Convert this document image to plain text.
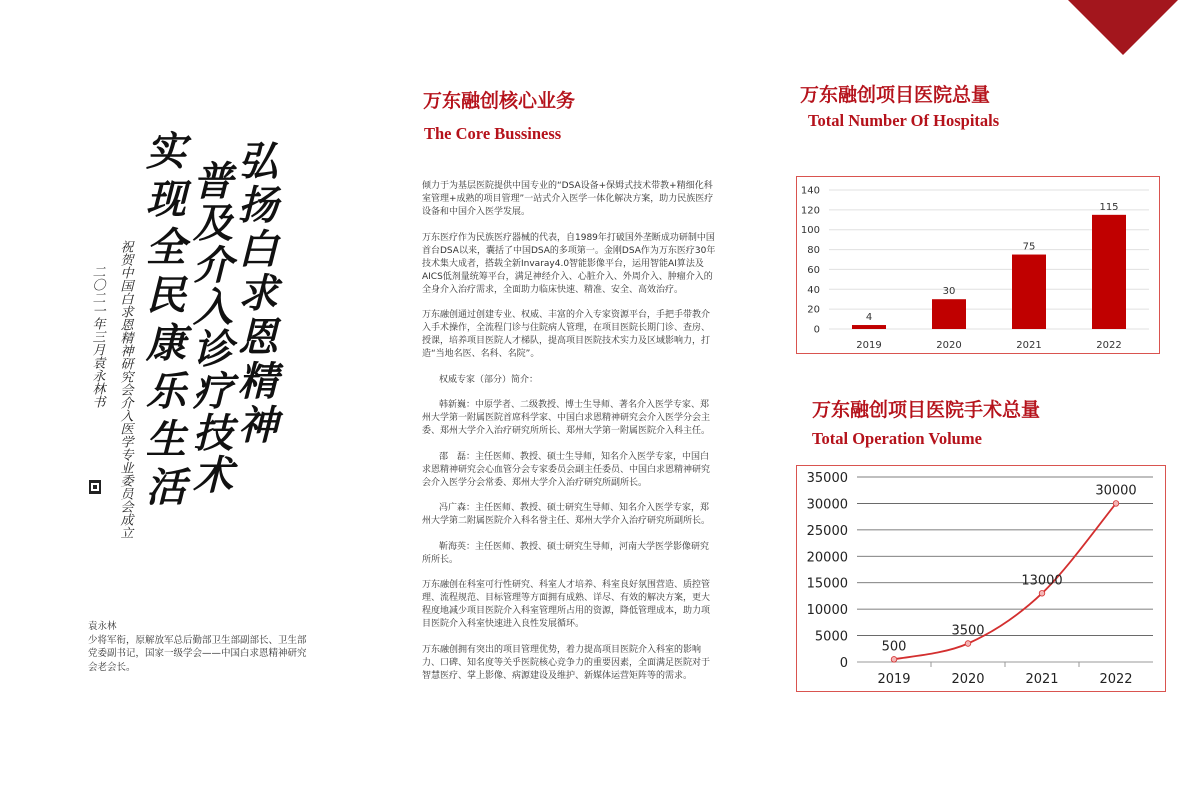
弘扬白求恩精神
普及介入诊疗技术
实现全民康乐生活
祝贺中国白求恩精神研究会介入医学专业委员会成立
二〇二一年三月袁永林书
袁永林
少将军衔，原解放军总后勤部卫生部副部长、卫生部党委副书记，国家一级学会——中国白求恩精神研究会老会长。
万东融创核心业务
The Core Bussiness

倾力于为基层医院提供中国专业的“DSA设备+保姆式技术带教+精细化科室管理+成熟的项目管理”一站式介入医学一体化解决方案，助力民族医疗设备和中国介入医学发展。

万东医疗作为民族医疗器械的代表，自1989年打破国外垄断成功研制中国首台DSA以来，囊括了中国DSA的多项第一。金刚DSA作为万东医疗30年技术集大成者，搭载全新Invaray4.0智能影像平台，运用智能AI算法及AICS低剂量统筹平台，满足神经介入、心脏介入、外周介入、肿瘤介入的全身介入治疗需求，全面助力临床快速、精准、安全、高效治疗。

万东融创通过创建专业、权威、丰富的介入专家资源平台，手把手带教介入手术操作，全流程门诊与住院病人管理，在项目医院长期门诊、查房、授课，培养项目医院人才梯队，提高项目医院技术实力及区域影响力，打造“当地名医、名科、名院”。

权威专家（部分）简介：

韩新巍：中原学者、二级教授、博士生导师、著名介入医学专家、郑州大学第一附属医院首席科学家、中国白求恩精神研究会介入医学分会主委、郑州大学介入治疗研究所所长、郑州大学第一附属医院介入科主任。

邵　磊：主任医师、教授、硕士生导师，知名介入医学专家，中国白求恩精神研究会心血管分会专家委员会副主任委员、中国白求恩精神研究会介入医学分会常委、郑州大学介入治疗研究所副所长。

冯广森：主任医师、教授、硕士研究生导师、知名介入医学专家，郑州大学第二附属医院介入科名誉主任、郑州大学介入治疗研究所副所长。

靳海英：主任医师、教授、硕士研究生导师，河南大学医学影像研究所所长。

万东融创在科室可行性研究、科室人才培养、科室良好氛围营造、质控管理、流程规范、目标管理等方面拥有成熟、详尽、有效的解决方案，更大程度地减少项目医院介入科室管理所占用的资源，降低管理成本，助力项目医院介入科室快速进入良性发展循环。

万东融创拥有突出的项目管理优势，着力提高项目医院介入科室的影响力、口碑、知名度等关乎医院核心竞争力的重要因素，全面满足医院对于智慧医疗、掌上影像、病源建设及维护、新媒体运营矩阵等的需求。

万东融创项目医院总量
Total Number Of Hospitals
0
20
40
60
80
100
120
140
4
2019
30
2020
75
2021
115
2022
万东融创项目医院手术总量
Total Operation Volume
0
5000
10000
15000
20000
25000
30000
35000
500
2019
3500
2020
13000
2021
30000
2022
